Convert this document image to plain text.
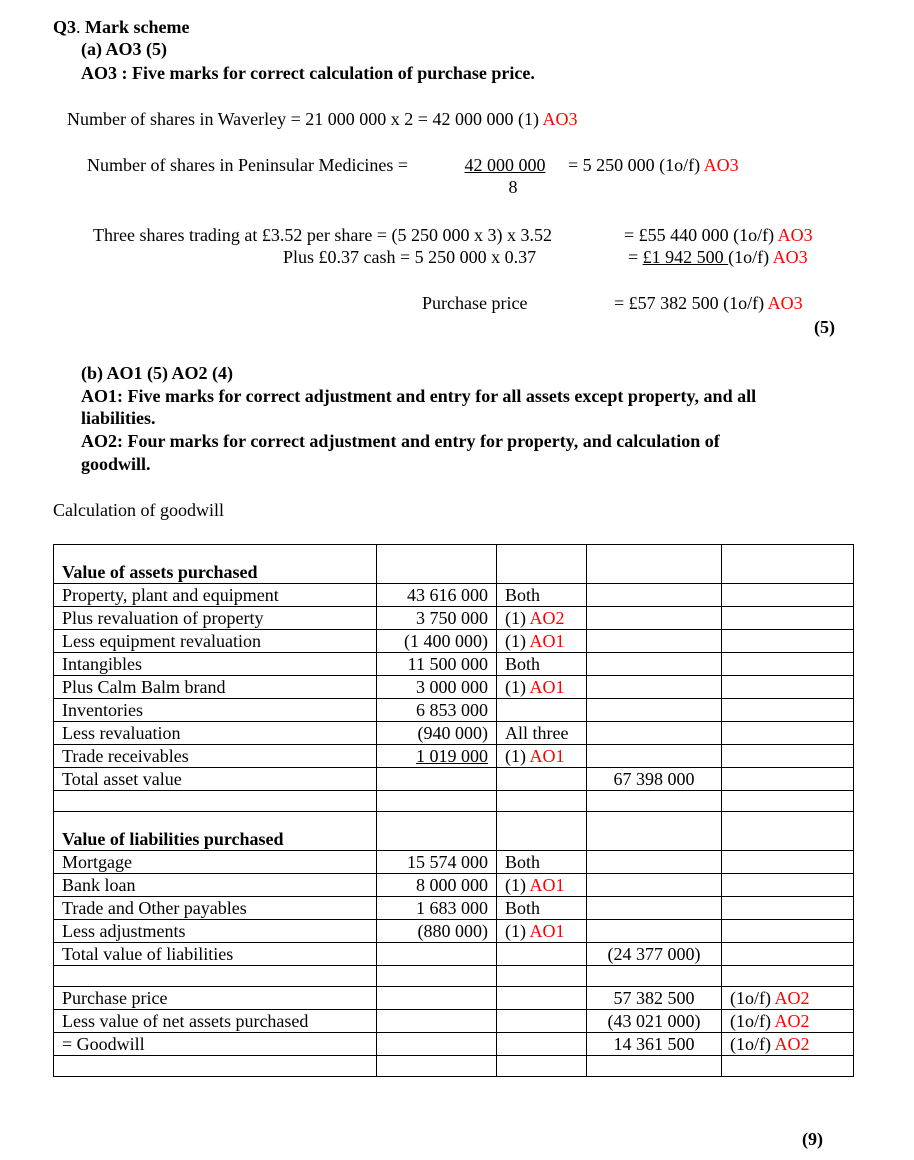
Q3. Mark scheme
(a) AO3 (5)
AO3 : Five marks for correct calculation of purchase price.
Number of shares in Waverley = 21 000 000 x 2 = 42 000 000 (1) AO3
Number of shares in Peninsular Medicines =	42 000 000
8
= 5 250 000 (1o/f) AO3
Three shares trading at £3.52 per share = (5 250 000 x 3) x 3.52	= £55 440 000 (1o/f) AO3
Plus £0.37 cash = 5 250 000 x 0.37	= £1 942 500 (1o/f) AO3
Purchase price	= £57 382 500 (1o/f) AO3
(5)
(b) AO1 (5) AO2 (4)
AO1: Five marks for correct adjustment and entry for all assets except property, and all
liabilities.
AO2: Four marks for correct adjustment and entry for property, and calculation of
goodwill.
Calculation of goodwill
Value of assets purchased				
Property, plant and equipment	43 616 000	Both		
Plus revaluation of property	3 750 000	(1) AO2		
Less equipment revaluation	(1 400 000)	(1) AO1		
Intangibles	11 500 000	Both		
Plus Calm Balm brand	3 000 000	(1) AO1		
Inventories	6 853 000			
Less revaluation	(940 000)	All three		
Trade receivables	1 019 000	(1) AO1		
Total asset value			67 398 000	

Value of liabilities purchased				
Mortgage	15 574 000	Both		
Bank loan	8 000 000	(1) AO1		
Trade and Other payables	1 683 000	Both		
Less adjustments	(880 000)	(1) AO1		
Total value of liabilities			(24 377 000)	

Purchase price			57 382 500	(1o/f) AO2
Less value of net assets purchased			(43 021 000)	(1o/f) AO2
= Goodwill			14 361 500	(1o/f) AO2

(9)
